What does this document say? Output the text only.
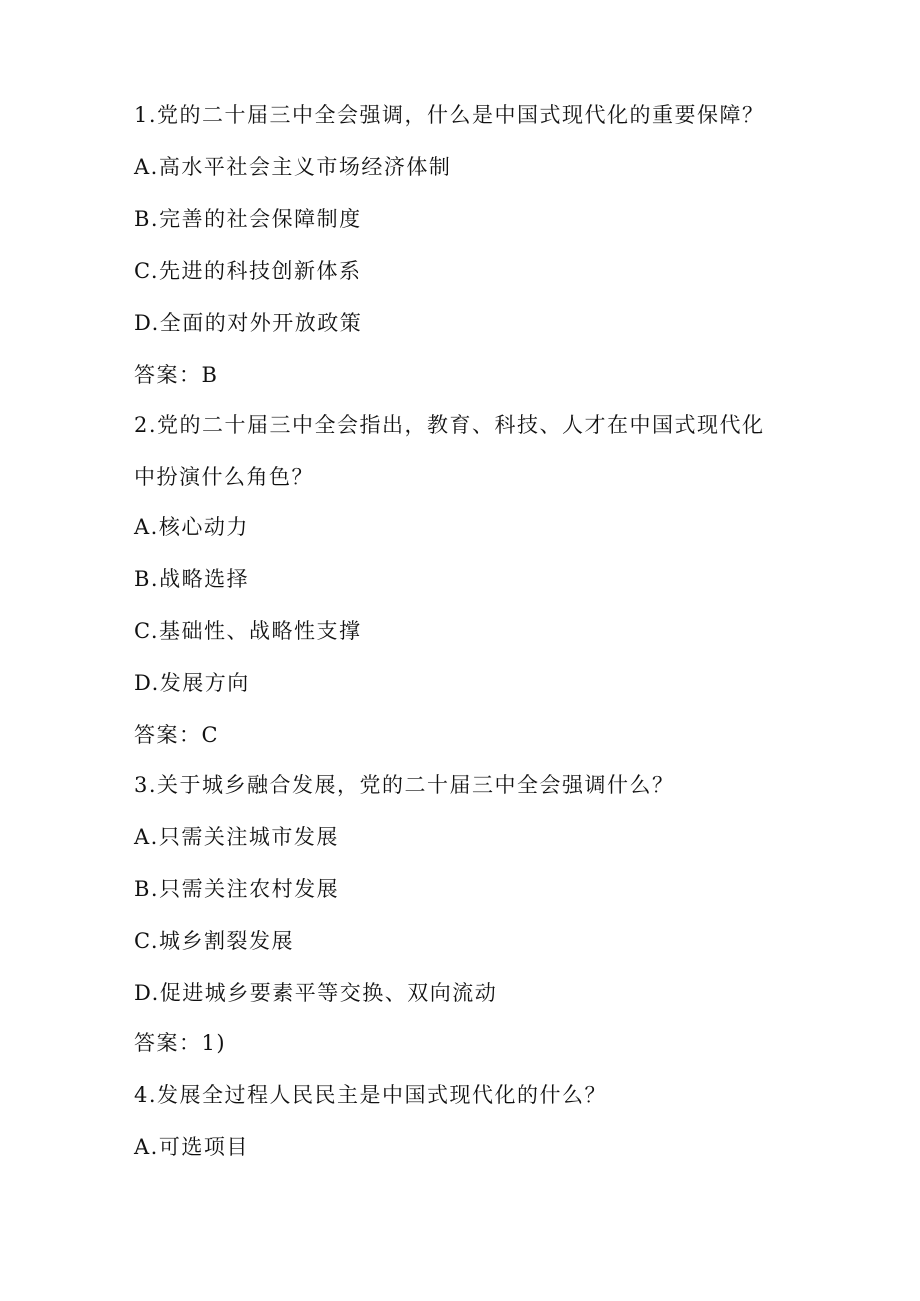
1.党的二十届三中全会强调，什么是中国式现代化的重要保障？
A.高水平社会主义市场经济体制
B.完善的社会保障制度
C.先进的科技创新体系
D.全面的对外开放政策
答案：B
2.党的二十届三中全会指出，教育、科技、人才在中国式现代化
中扮演什么角色？
A.核心动力
B.战略选择
C.基础性、战略性支撑
D.发展方向
答案：C
3.关于城乡融合发展，党的二十届三中全会强调什么？
A.只需关注城市发展
B.只需关注农村发展
C.城乡割裂发展
D.促进城乡要素平等交换、双向流动
答案：1)
4.发展全过程人民民主是中国式现代化的什么？
A.可选项目
